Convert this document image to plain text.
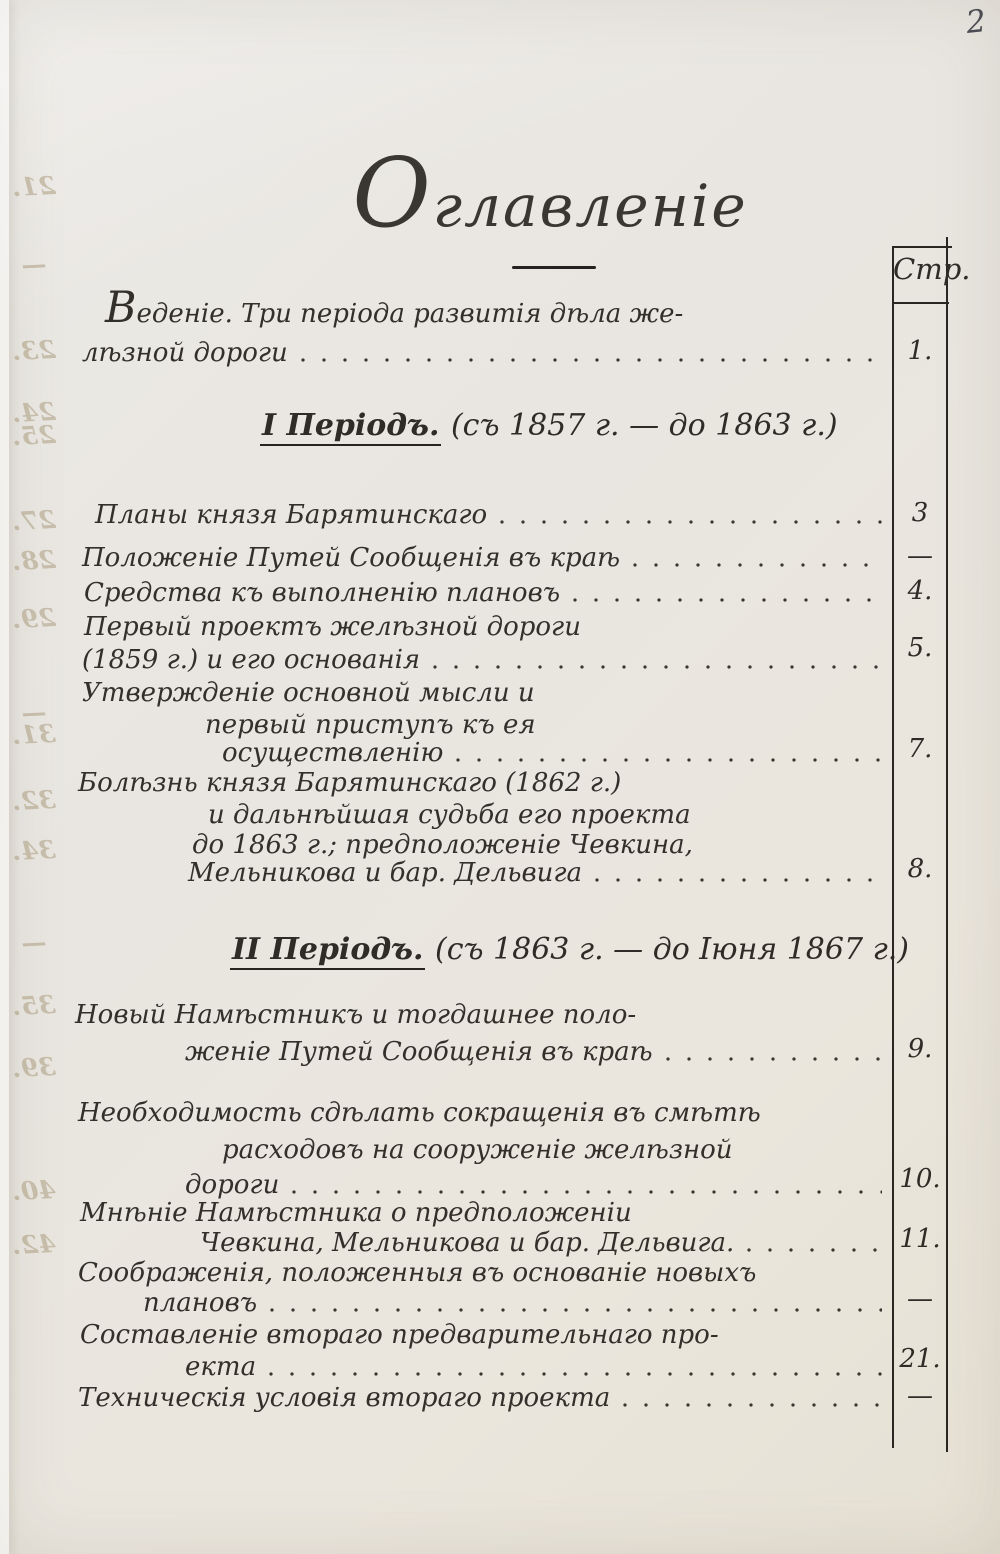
2
21.
—
23.
24.
25.
27.
28.
29.
—
31.
32.
34.
—
35.
39.
40.
42.
Оглавленіе
Стр.
I Періодъ. (съ 1857 г. — до 1863 г.)
II Періодъ. (съ 1863 г. — до Іюня 1867 г.)
Веденіе. Три періода развитія дѣла же-
лѣзной дороги
Планы князя Барятинскаго
Положеніе Путей Сообщенія въ краѣ
Средства къ выполненію плановъ
Первый проектъ желѣзной дороги
(1859 г.) и его основанія
Утвержденіе основной мысли и
первый приступъ къ ея
осуществленію
Болѣзнь князя Барятинскаго (1862 г.)
и дальнѣйшая судьба его проекта
до 1863 г.; предположеніе Чевкина,
Мельникова и бар. Дельвига
Новый Намѣстникъ и тогдашнее поло-
женіе Путей Сообщенія въ краѣ
Необходимость сдѣлать сокращенія въ смѣтѣ
расходовъ на сооруженіе желѣзной
дороги
Мнѣніе Намѣстника о предположеніи
Чевкина, Мельникова и бар. Дельвига.
Соображенія, положенныя въ основаніе новыхъ
плановъ
Составленіе втораго предварительнаго про-
екта
Техническія условія втораго проекта
1.
3
—
4.
5.
7.
8.
9.
10.
11.
—
21.
—
